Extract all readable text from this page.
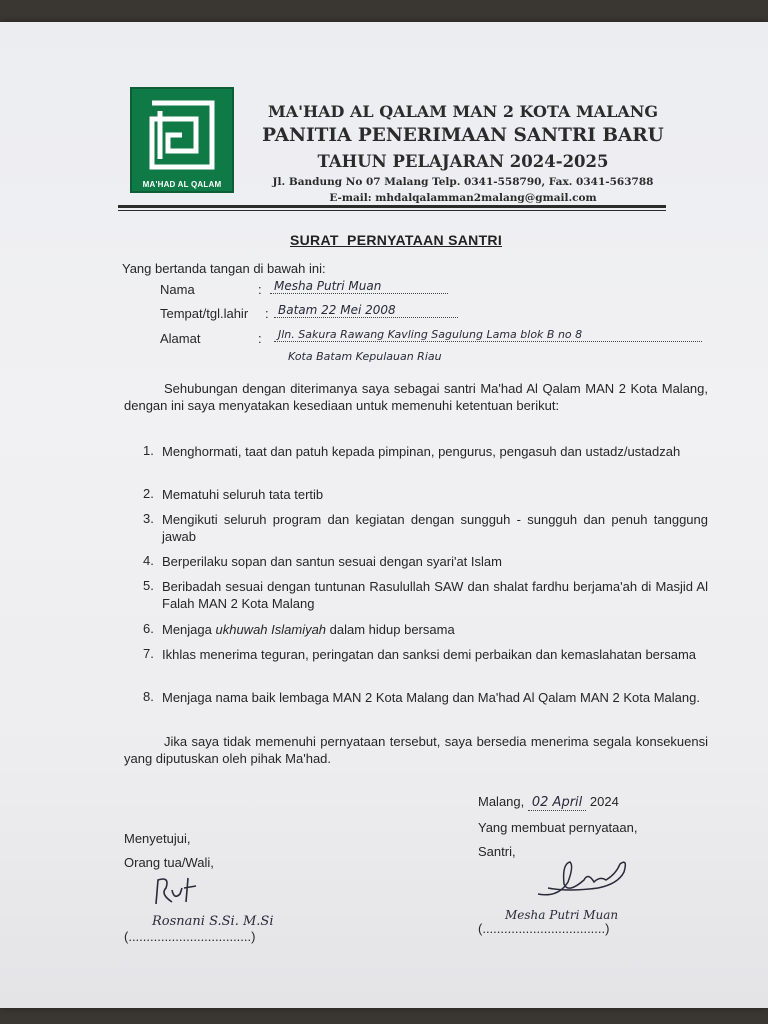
MA'HAD AL QALAM
MA'HAD AL QALAM MAN 2 KOTA MALANG
PANITIA PENERIMAAN SANTRI BARU
TAHUN PELAJARAN 2024-2025
Jl. Bandung No 07 Malang Telp. 0341-558790, Fax. 0341-563788
E-mail: mhdalqalamman2malang@gmail.com
SURAT  PERNYATAAN SANTRI
Yang bertanda tangan di bawah ini:
Nama	:	Mesha Putri Muan
Tempat/tgl.lahir : Batam 22 Mei 2008
Alamat	:	Jln. Sakura Rawang Kavling Sagulung Lama blok B no 8
Kota Batam Kepulauan Riau
Sehubungan dengan diterimanya saya sebagai santri Ma'had Al Qalam MAN 2 Kota Malang, dengan ini saya menyatakan kesediaan untuk memenuhi ketentuan berikut:
1. Menghormati, taat dan patuh kepada pimpinan, pengurus, pengasuh dan ustadz/ustadzah
2. Mematuhi seluruh tata tertib
3. Mengikuti seluruh program dan kegiatan dengan sungguh - sungguh dan penuh tanggung jawab
4. Berperilaku sopan dan santun sesuai dengan syari'at Islam
5. Beribadah sesuai dengan tuntunan Rasulullah SAW dan shalat fardhu berjama'ah di Masjid Al Falah MAN 2 Kota Malang
6. Menjaga ukhuwah Islamiyah dalam hidup bersama
7. Ikhlas menerima teguran, peringatan dan sanksi demi perbaikan dan kemaslahatan bersama
8. Menjaga nama baik lembaga MAN 2 Kota Malang dan Ma'had Al Qalam MAN 2 Kota Malang.
Jika saya tidak memenuhi pernyataan tersebut, saya bersedia menerima segala konsekuensi yang diputuskan oleh pihak Ma'had.
Malang, 02 April 2024
Yang membuat pernyataan,
Santri,
Menyetujui,
Orang tua/Wali,
Rosnani S.Si. M.Si
(..................................)
Mesha Putri Muan
(..................................)
